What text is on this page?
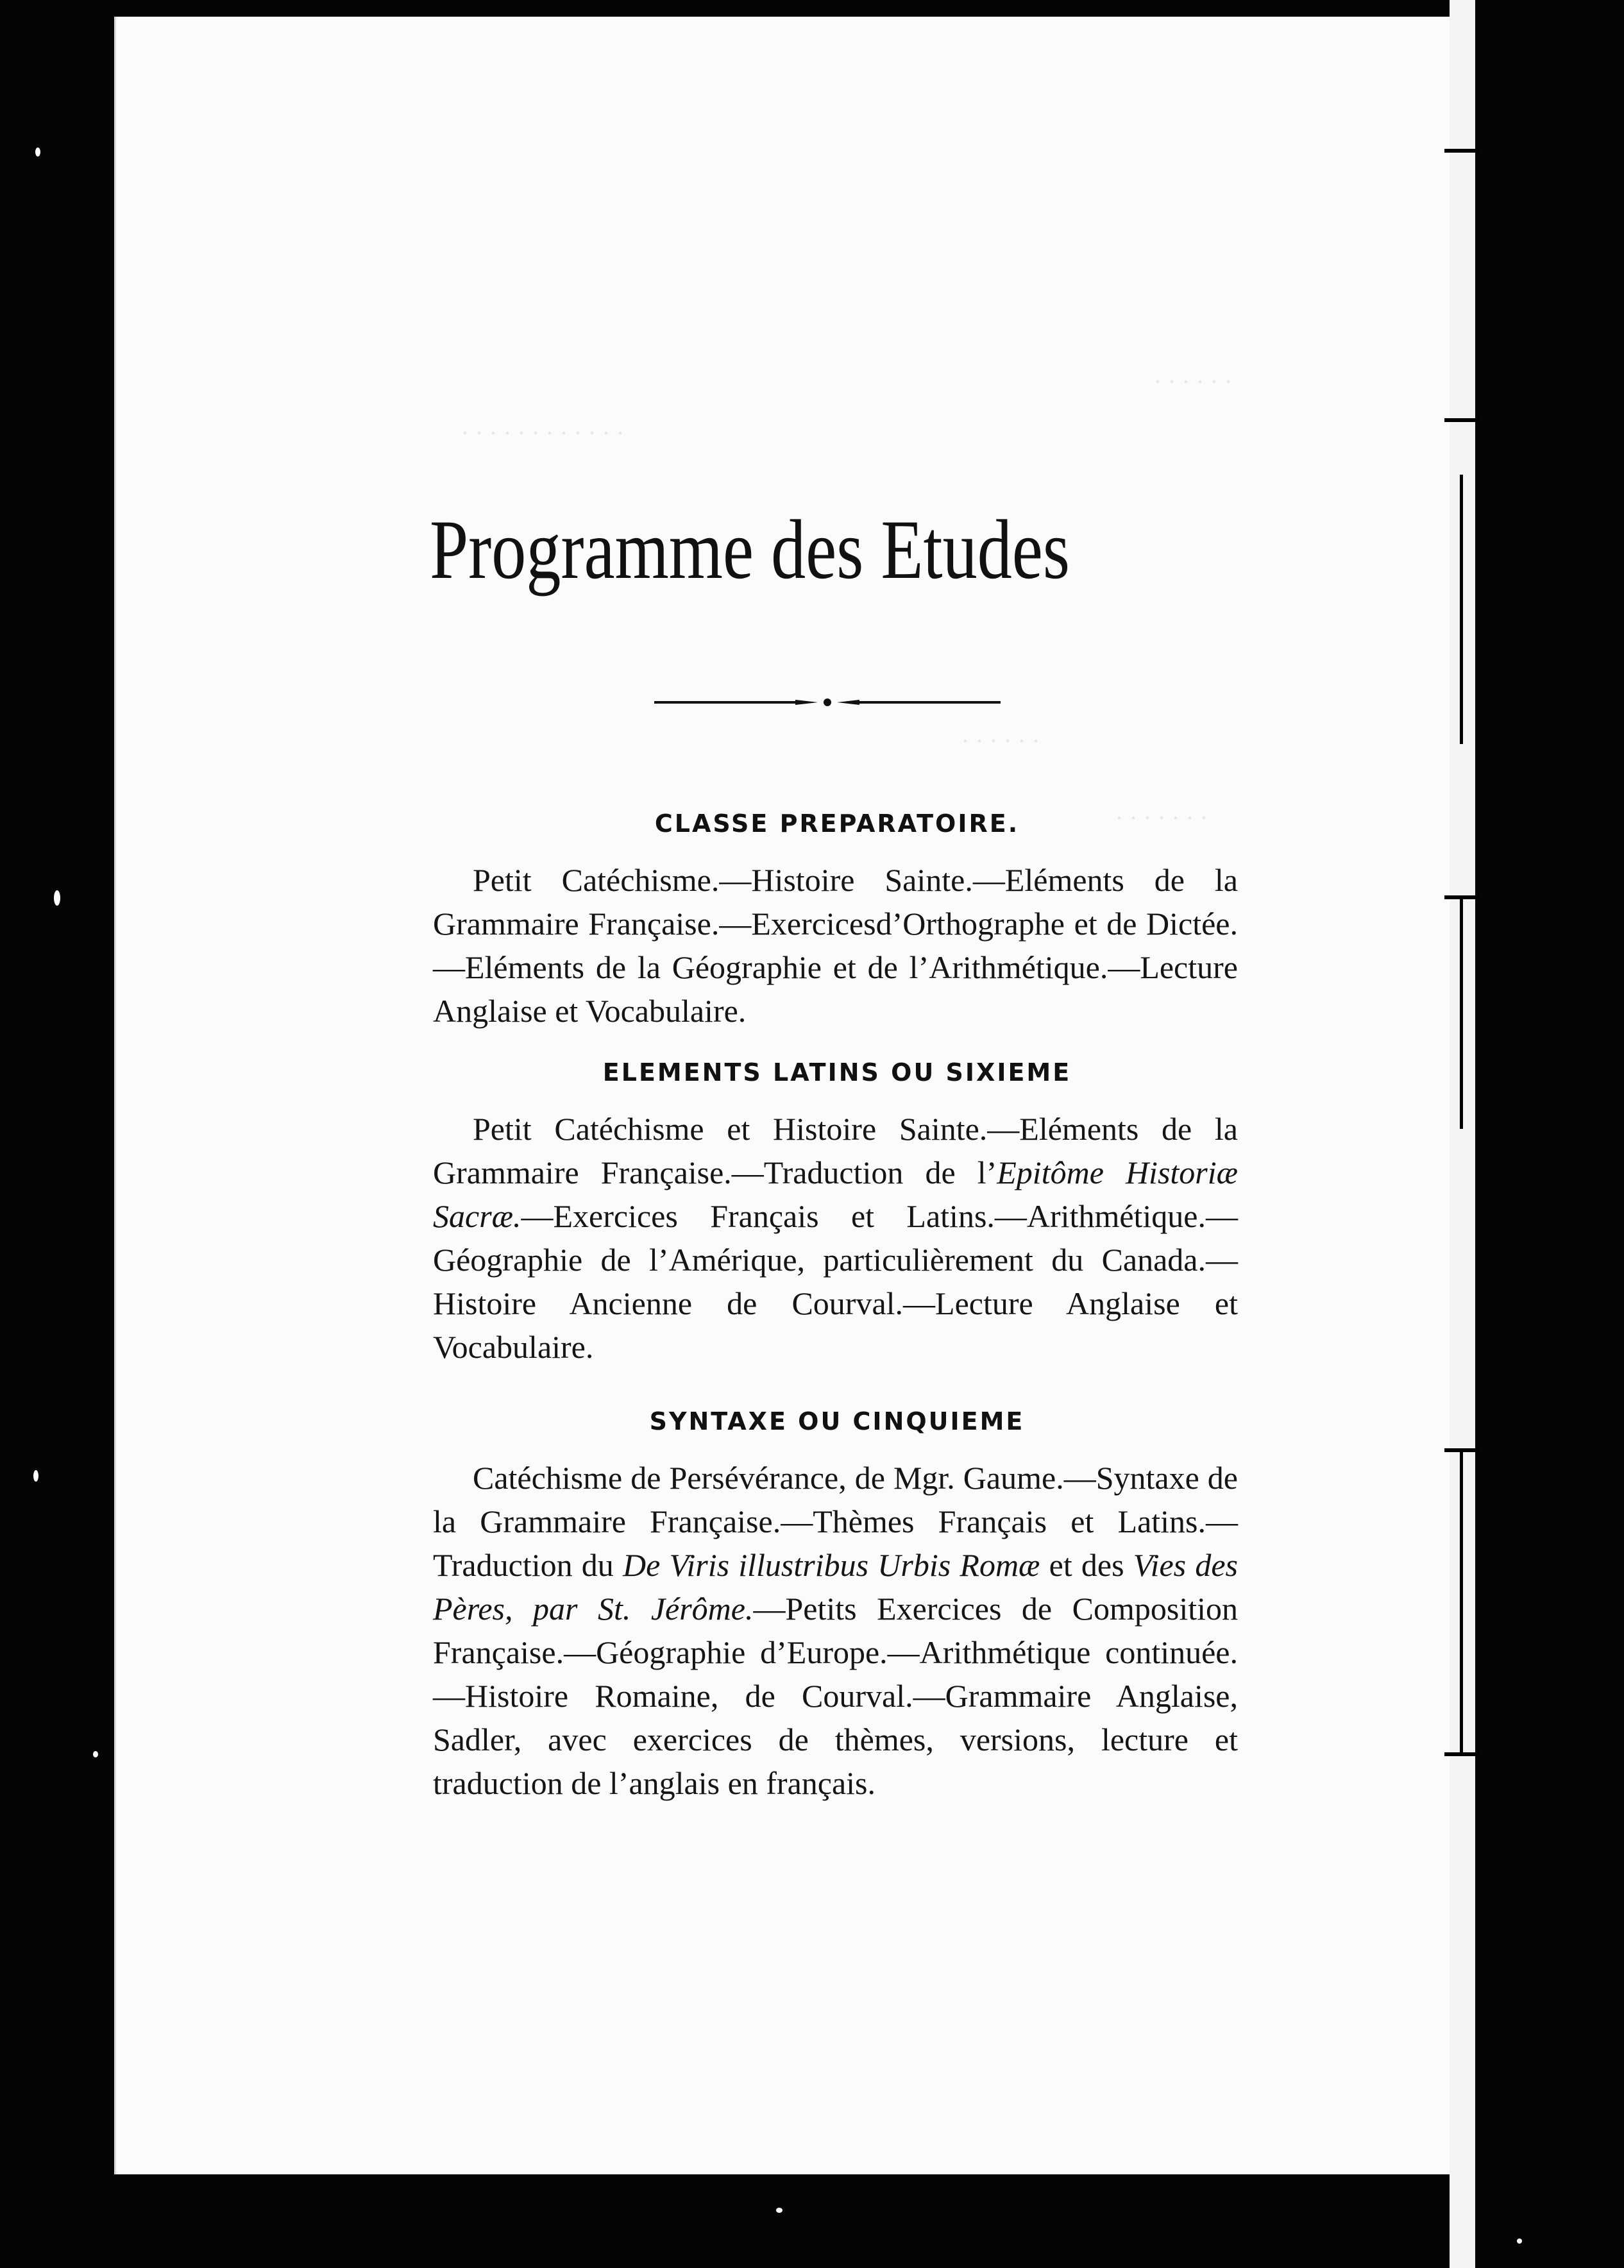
. . . . . .
. . . . . . . . . . . .
. . . . . . .
. . . . . .
Programme des Etudes
CLASSE PREPARATOIRE.
Petit Catéchisme.—Histoire Sainte.—Eléments de la Grammaire Française.—Exercicesd’Orthographe et de Dictée.—Eléments de la Géographie et de l’Arithmétique.—Lecture Anglaise et Vocabulaire.
ELEMENTS LATINS OU SIXIEME
Petit Catéchisme et Histoire Sainte.—Eléments de la Grammaire Française.—Traduction de l’Epitôme Historiæ Sacræ.—Exercices Français et Latins.—Arithmétique.—Géographie de l’Amérique, particulièrement du Canada.—Histoire Ancienne de Courval.—Lecture Anglaise et Vocabulaire.
SYNTAXE OU CINQUIEME
Catéchisme de Persévérance, de Mgr. Gaume.—Syntaxe de la Grammaire Française.—Thèmes Français et Latins.—Traduction du De Viris illustribus Urbis Romæ et des Vies des Pères, par St. Jérôme.—Petits Exercices de Composition Française.—Géographie d’Europe.—Arithmétique continuée.—Histoire Romaine, de Courval.—Grammaire Anglaise, Sadler, avec exercices de thèmes, versions, lecture et traduction de l’anglais en français.
